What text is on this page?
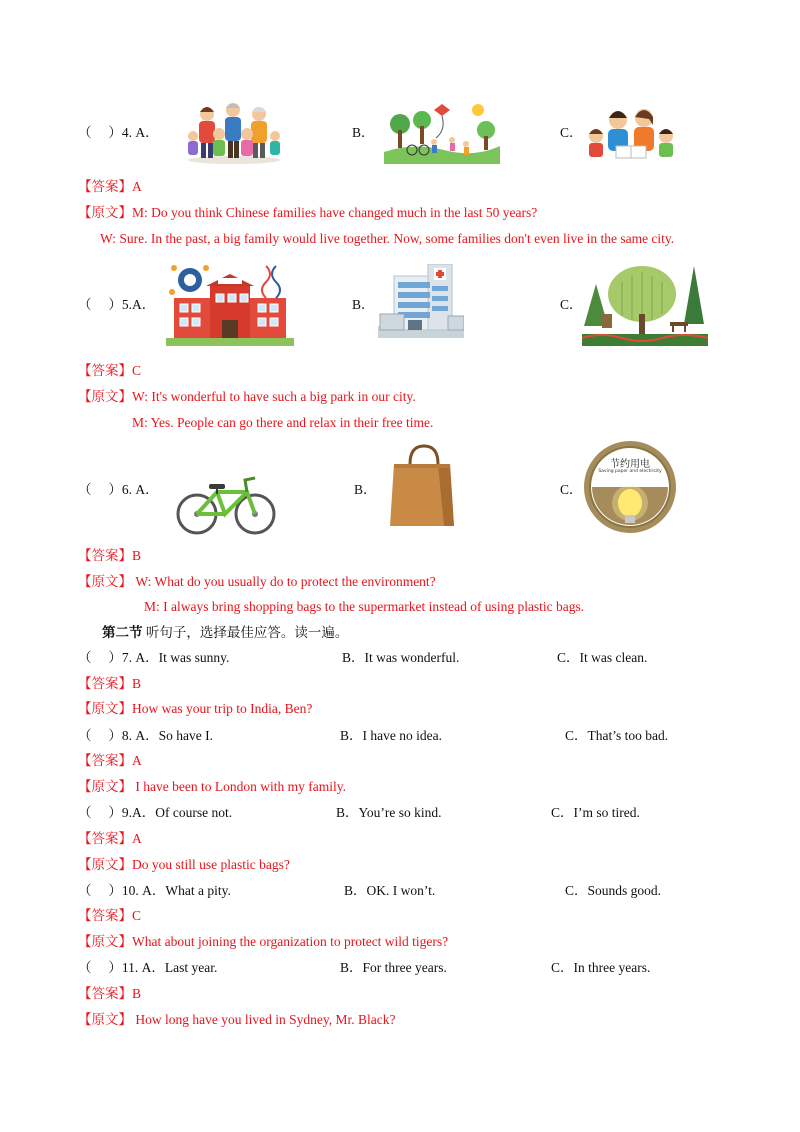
（　 ）4. A．	B．	C．
【答案】A
【原文】M: Do you think Chinese families have changed much in the last 50 years?
W: Sure. In the past, a big family would live together. Now, some families don't even live in the same city.
（　 ）5.A．	B．	C．
【答案】C
【原文】W: It's wonderful to have such a big park in our city.
M: Yes. People can go there and relax in their free time.
（　 ）6. A．	B．	C．
节约用电
Saving paper and electricity
【答案】B
【原文】 W: What do you usually do to protect the environment?
M: I always bring shopping bags to the supermarket instead of using plastic bags.
第二节 听句子，选择最佳应答。读一遍。
（　 ）7. A．It was sunny.	B．It was wonderful.	C．It was clean.
【答案】B
【原文】How was your trip to India, Ben?
（　 ）8. A．So have I.	B．I have no idea.	C．That’s too bad.
【答案】A
【原文】 I have been to London with my family.
（　 ）9.A．Of course not.	B．You’re so kind.	C．I’m so tired.
【答案】A
【原文】Do you still use plastic bags?
（　 ）10. A．What a pity.	B．OK. I won’t.	C．Sounds good.
【答案】C
【原文】What about joining the organization to protect wild tigers?
（　 ）11. A．Last year.	B．For three years.	C．In three years.
【答案】B
【原文】 How long have you lived in Sydney, Mr. Black?
